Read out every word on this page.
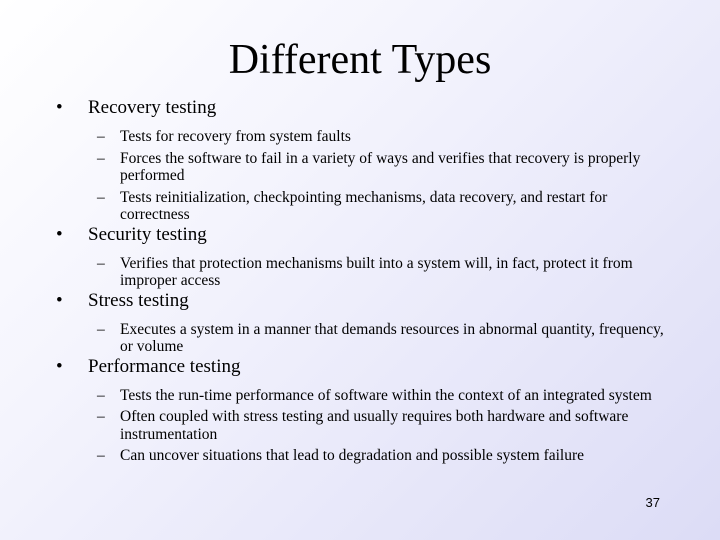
Different Types
• Recovery testing
– Tests for recovery from system faults
– Forces the software to fail in a variety of ways and verifies that recovery is properly performed
– Tests reinitialization, checkpointing mechanisms, data recovery, and restart for correctness
• Security testing
– Verifies that protection mechanisms built into a system will, in fact, protect it from improper access
• Stress testing
– Executes a system in a manner that demands resources in abnormal quantity, frequency, or volume
• Performance testing
– Tests the run-time performance of software within the context of an integrated system
– Often coupled with stress testing and usually requires both hardware and software instrumentation
– Can uncover situations that lead to degradation and possible system failure
37
